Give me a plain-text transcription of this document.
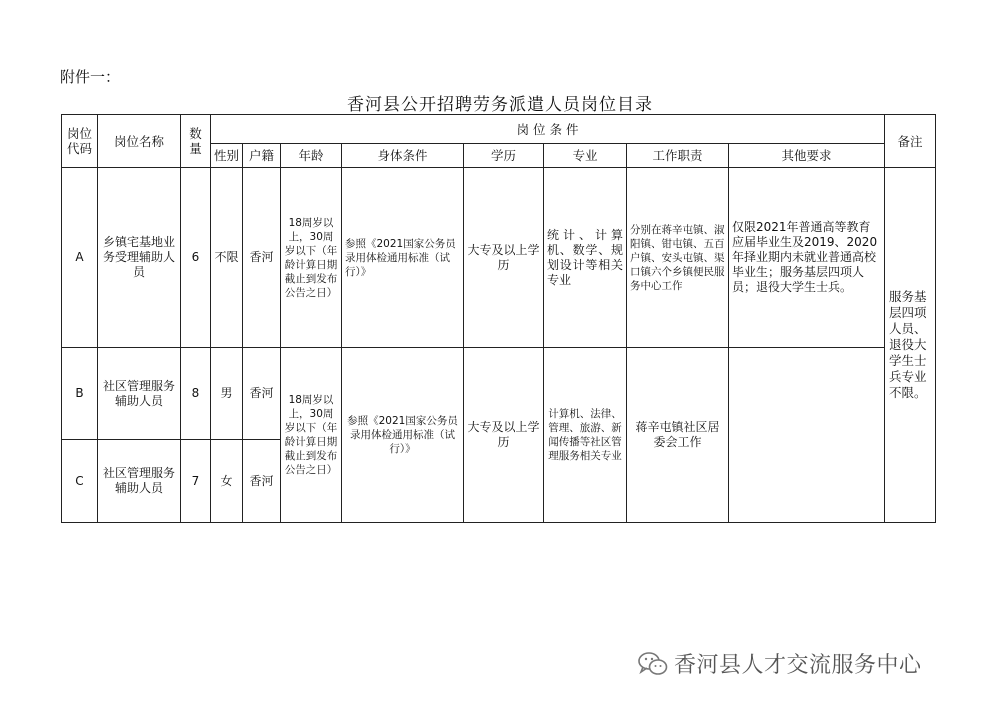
附件一：
香河县公开招聘劳务派遣人员岗位目录
岗位代码	岗位名称	数量	岗 位 条 件								备注
			性别	户籍	年龄	身体条件	学历	专业	工作职责	其他要求	
A	乡镇宅基地业务受理辅助人员	6	不限	香河	18周岁以上，30周岁以下（年龄计算日期截止到发布公告之日）	参照《2021国家公务员录用体检通用标准（试行）》	大专及以上学历	统计、计算机、数学、规划设计等相关专业	分别在蒋辛屯镇、淑阳镇、钳屯镇、五百户镇、安头屯镇、渠口镇六个乡镇便民服务中心工作	仅限2021年普通高等教育应届毕业生及2019、2020年择业期内未就业普通高校毕业生；服务基层四项人员；退役大学生士兵。	服务基层四项人员、退役大学生士兵专业不限。
B	社区管理服务辅助人员	8	男	香河	18周岁以上，30周岁以下（年龄计算日期截止到发布公告之日）	参照《2021国家公务员录用体检通用标准（试行）》	大专及以上学历	计算机、法律、管理、旅游、新闻传播等社区管理服务相关专业	蒋辛屯镇社区居委会工作		
C	社区管理服务辅助人员	7	女	香河							
香河县人才交流服务中心
